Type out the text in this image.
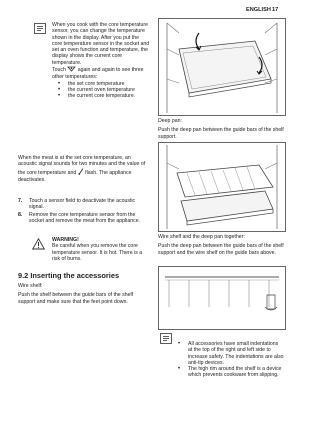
ENGLISH 17

When you cook with the core temperature sensor, you can change the temperature shown in the display. After you put the core temperature sensor in the socket and set an oven function and temperature, the display shows the current core temperature.

Touch again and again to see three other temperatures:

• the set core temperature
• the current oven temperature
• the current core temperature.

When the meat is at the set core temperature, an acoustic signal sounds for two minutes and the value of the core temperature and flash. The appliance deactivates.

7.	Touch a sensor field to deactivate the acoustic signal.

8.	Remove the core temperature sensor from the socket and remove the meat from the appliance.

WARNING!

Be careful when you remove the core temperature sensor. It is hot. There is a risk of burns.

9.2 Inserting the accessories

Wire shelf:

Push the shelf between the guide bars of the shelf support and make sure that the feet point down.

Deep pan:

Push the deep pan between the guide bars of the shelf support.

Wire shelf and the deep pan together:

Push the deep pan between the guide bars of the shelf support and the wire shelf on the guide bars above.

• All accessories have small indentations at the top of the right and left side to increase safety. The indentations are also anti-tip devices.
• The high rim around the shelf is a device which prevents cookware from slipping.
